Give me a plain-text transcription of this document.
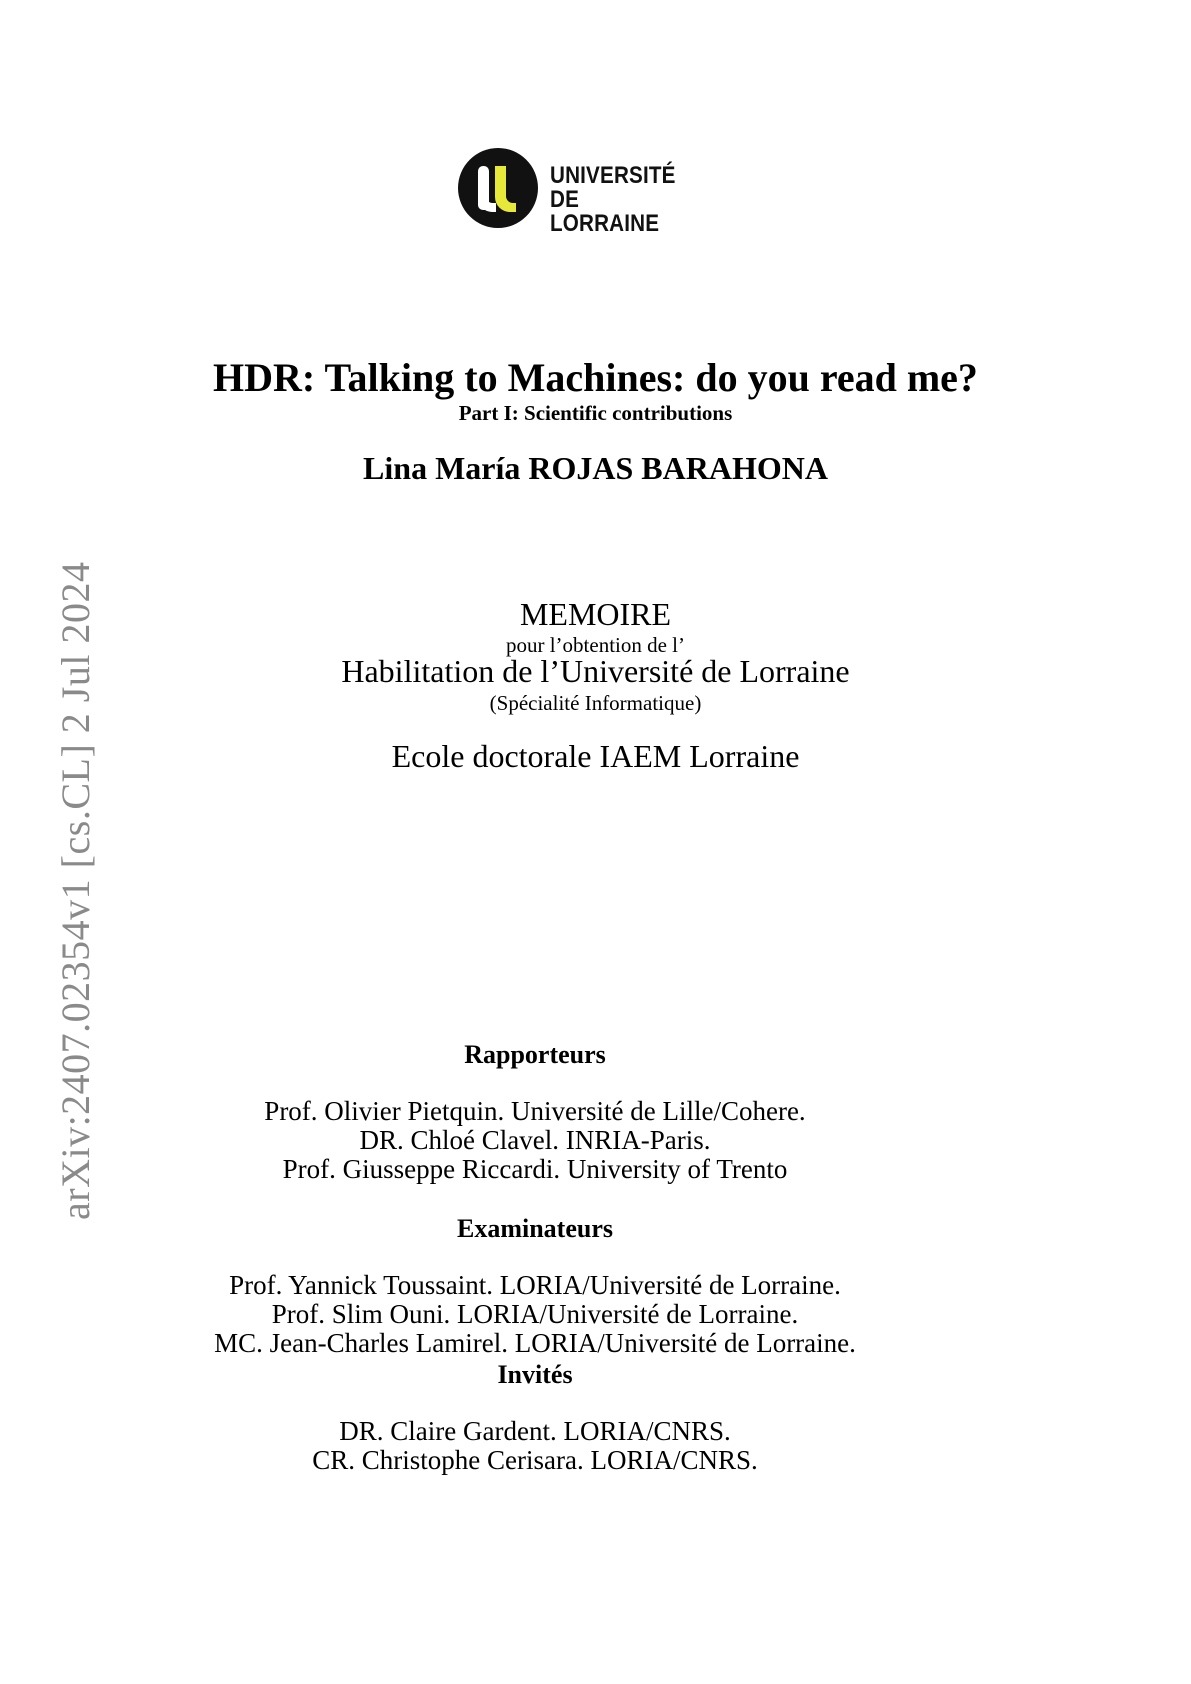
UNIVERSITÉ
DE LORRAINE
arXiv:2407.02354v1 [cs.CL] 2 Jul 2024
HDR: Talking to Machines: do you read me?
Part I: Scientific contributions
Lina María ROJAS BARAHONA
MEMOIRE
pour l’obtention de l’
Habilitation de l’Université de Lorraine
(Spécialité Informatique)
Ecole doctorale IAEM Lorraine
Rapporteurs
Prof. Olivier Pietquin. Université de Lille/Cohere.
DR. Chloé Clavel. INRIA-Paris.
Prof. Giusseppe Riccardi. University of Trento
Examinateurs
Prof. Yannick Toussaint. LORIA/Université de Lorraine.
Prof. Slim Ouni. LORIA/Université de Lorraine.
MC. Jean-Charles Lamirel. LORIA/Université de Lorraine.
Invités
DR. Claire Gardent. LORIA/CNRS.
CR. Christophe Cerisara. LORIA/CNRS.
